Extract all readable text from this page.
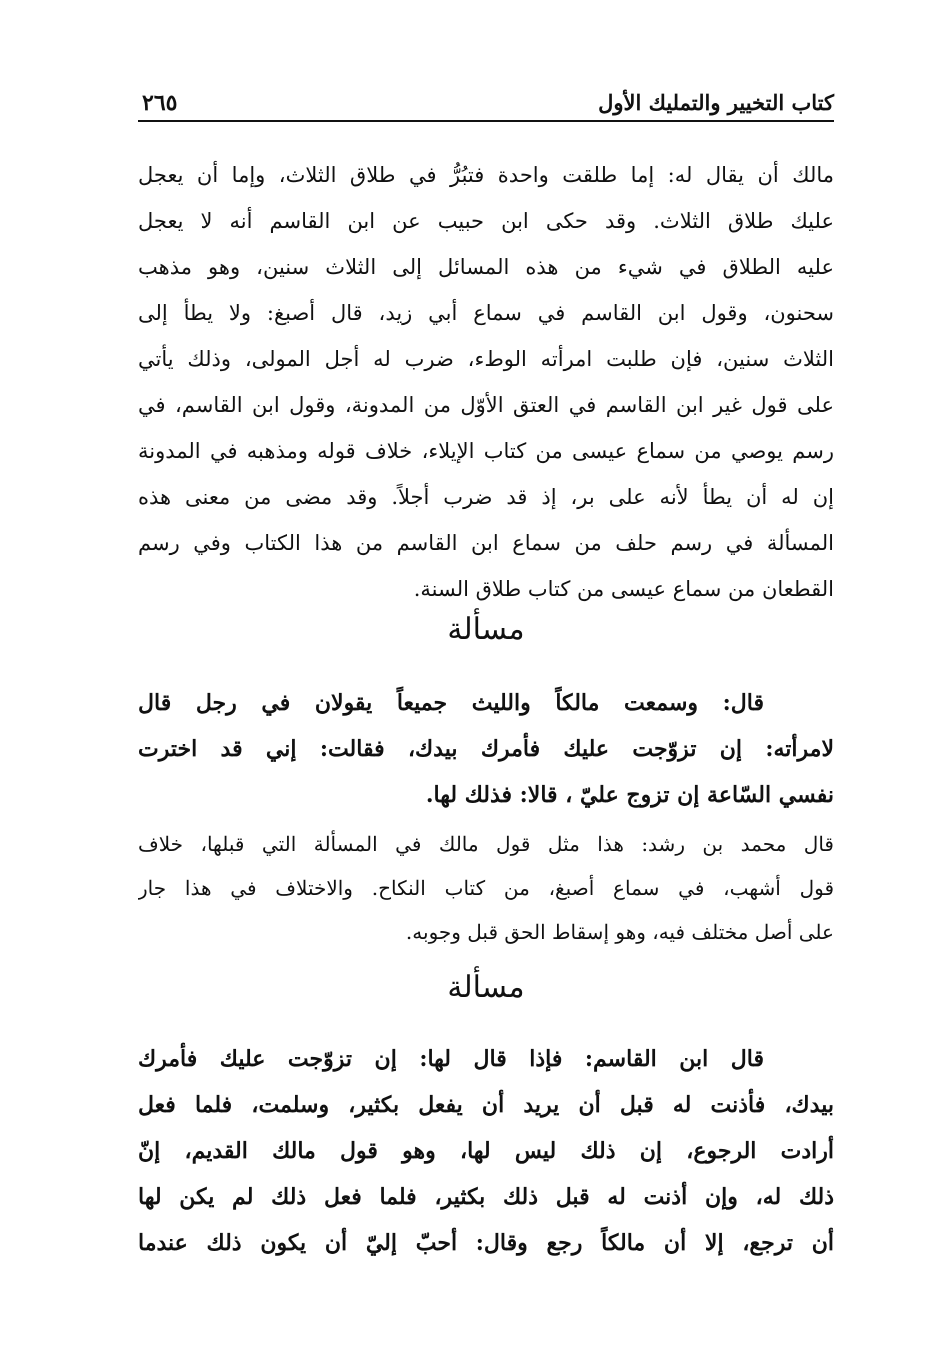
كتاب التخيير والتمليك الأول
٢٦٥
مالك أن يقال له: إما طلقت واحدة فتبُرُّ في طلاق الثلاث، وإما أن يعجل
عليك طلاق الثلاث. وقد حكى ابن حبيب عن ابن القاسم أنه لا يعجل
عليه الطلاق في شيء من هذه المسائل إلى الثلاث سنين، وهو مذهب
سحنون، وقول ابن القاسم في سماع أبي زيد، قال أصبغ: ولا يطأ إلى
الثلاث سنين، فإن طلبت امرأته الوطء، ضرب له أجل المولى، وذلك يأتي
على قول غير ابن القاسم في العتق الأوّل من المدونة، وقول ابن القاسم، في
رسم يوصي من سماع عيسى من كتاب الإيلاء، خلاف قوله ومذهبه في المدونة
إن له أن يطأ لأنه على بر، إذ قد ضرب أجلاً. وقد مضى من معنى هذه
المسألة في رسم حلف من سماع ابن القاسم من هذا الكتاب وفي رسم
القطعان من سماع عيسى من كتاب طلاق السنة.
مسألة
قال: وسمعت مالكاً والليث جميعاً يقولان في رجل قال
لامرأته: إن تزوّجت عليك فأمرك بيدك، فقالت: إني قد اخترت
نفسي السّاعة إن تزوج عليّ ، قالا: فذلك لها.
قال محمد بن رشد: هذا مثل قول مالك في المسألة التي قبلها، خلاف
قول أشهب، في سماع أصبغ، من كتاب النكاح. والاختلاف في هذا جار
على أصل مختلف فيه، وهو إسقاط الحق قبل وجوبه.
مسألة
قال ابن القاسم: فإذا قال لها: إن تزوّجت عليك فأمرك
بيدك، فأذنت له قبل أن يريد أن يفعل بكثير، وسلمت، فلما فعل
أرادت الرجوع، إن ذلك ليس لها، وهو قول مالك القديم، إنّ
ذلك له، وإن أذنت له قبل ذلك بكثير، فلما فعل ذلك لم يكن لها
أن ترجع، إلا أن مالكاً رجع وقال: أحبّ إليّ أن يكون ذلك عندما
